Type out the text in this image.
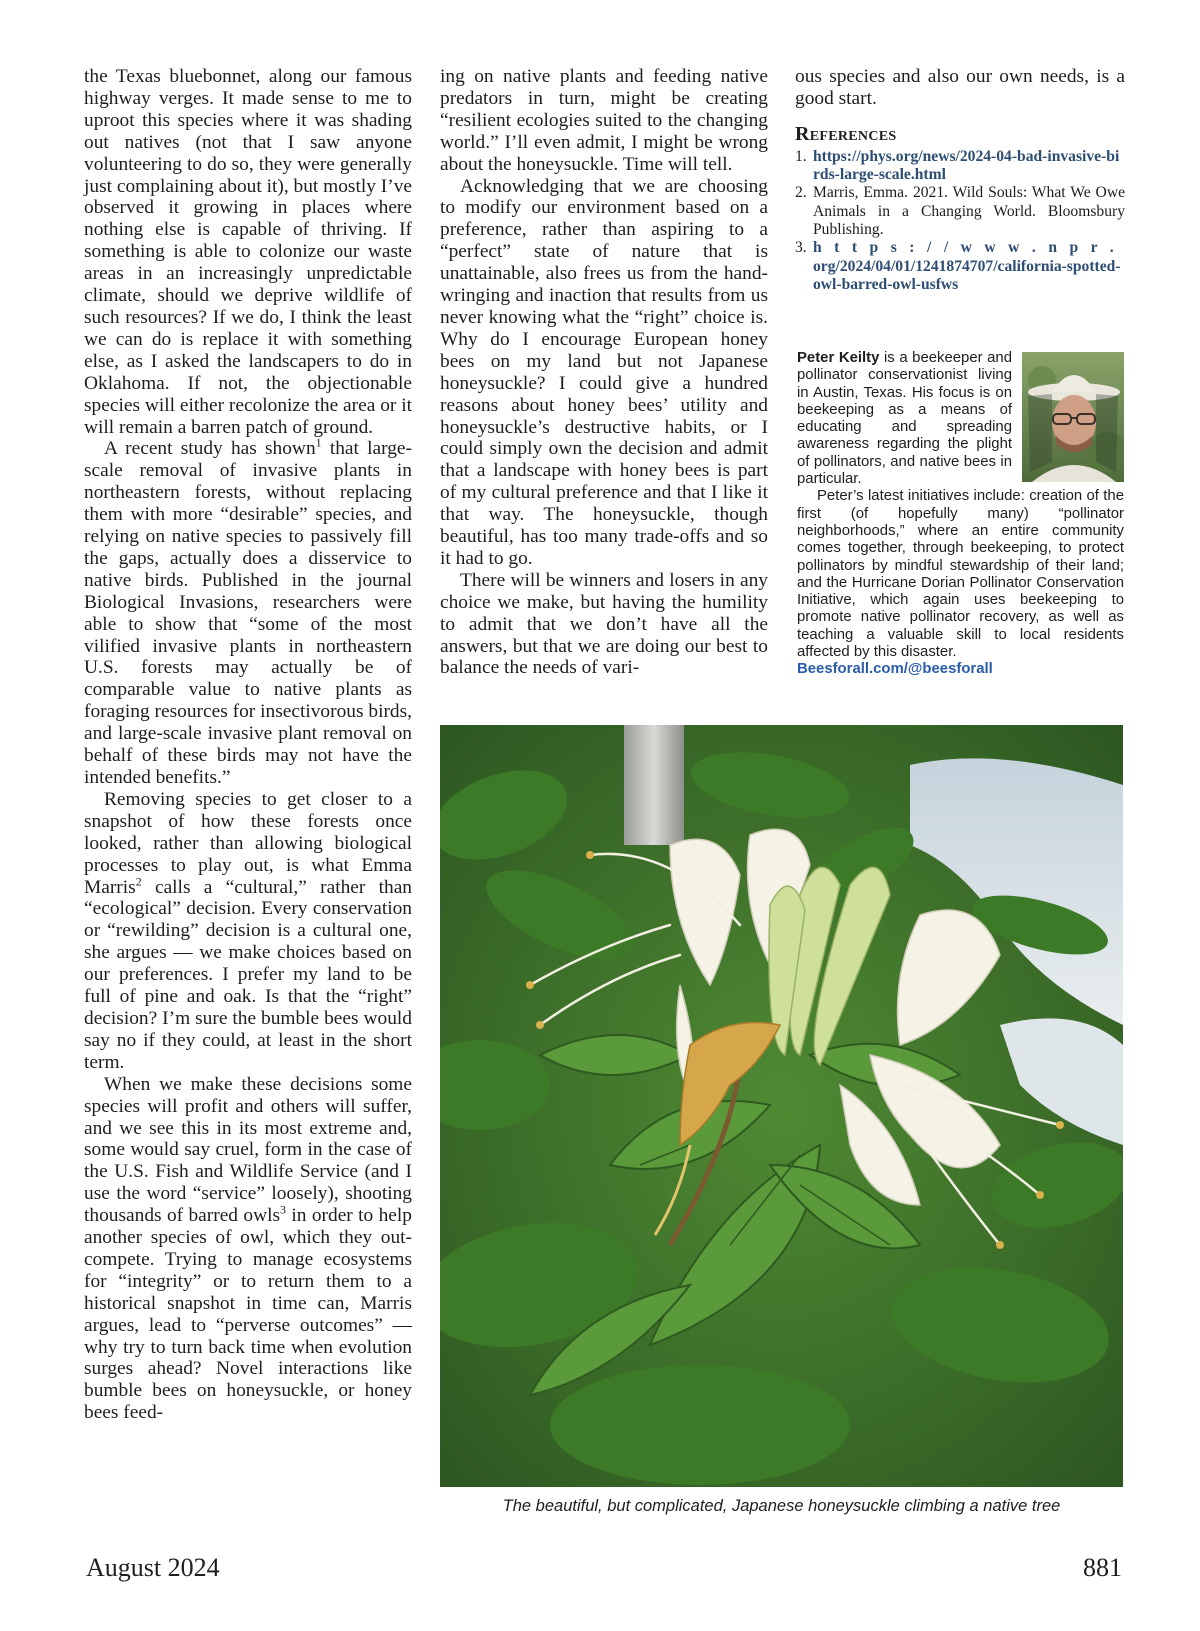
the Texas bluebonnet, along our famous highway verges. It made sense to me to uproot this species where it was shading out natives (not that I saw anyone volunteering to do so, they were generally just complaining about it), but mostly I’ve observed it growing in places where nothing else is capable of thriving. If something is able to colonize our waste areas in an increasingly unpredictable climate, should we deprive wildlife of such resources? If we do, I think the least we can do is replace it with something else, as I asked the landscapers to do in Oklahoma. If not, the objectionable species will either recolonize the area or it will remain a barren patch of ground.

A recent study has shown$^1$ that large-scale removal of invasive plants in northeastern forests, without replacing them with more “desirable” species, and relying on native species to passively fill the gaps, actually does a disservice to native birds. Published in the journal Biological Invasions, researchers were able to show that “some of the most vilified invasive plants in northeastern U.S. forests may actually be of comparable value to native plants as foraging resources for insectivorous birds, and large-scale invasive plant removal on behalf of these birds may not have the intended benefits.”

Removing species to get closer to a snapshot of how these forests once looked, rather than allowing biological processes to play out, is what Emma Marris$^2$ calls a “cultural,” rather than “ecological” decision. Every conservation or “rewilding” decision is a cultural one, she argues — we make choices based on our preferences. I prefer my land to be full of pine and oak. Is that the “right” decision? I’m sure the bumble bees would say no if they could, at least in the short term.

When we make these decisions some species will profit and others will suffer, and we see this in its most extreme and, some would say cruel, form in the case of the U.S. Fish and Wildlife Service (and I use the word “service” loosely), shooting thousands of barred owls$^3$ in order to help another species of owl, which they out-compete. Trying to manage ecosystems for “integrity” or to return them to a historical snapshot in time can, Marris argues, lead to “perverse outcomes” — why try to turn back time when evolution surges ahead? Novel interactions like bumble bees on honeysuckle, or honey bees feed-

ing on native plants and feeding native predators in turn, might be creating “resilient ecologies suited to the changing world.” I’ll even admit, I might be wrong about the honeysuckle. Time will tell.

Acknowledging that we are choosing to modify our environment based on a preference, rather than aspiring to a “perfect” state of nature that is unattainable, also frees us from the hand-wringing and inaction that results from us never knowing what the “right” choice is. Why do I encourage European honey bees on my land but not Japanese honeysuckle? I could give a hundred reasons about honey bees’ utility and honeysuckle’s destructive habits, or I could simply own the decision and admit that a landscape with honey bees is part of my cultural preference and that I like it that way. The honeysuckle, though beautiful, has too many trade-offs and so it had to go.

There will be winners and losers in any choice we make, but having the humility to admit that we don’t have all the answers, but that we are doing our best to balance the needs of vari-

ous species and also our own needs, is a good start.

References
1. https://phys.org/news/2024-04-bad-invasive-birds-large-scale.html
2. Marris, Emma. 2021. Wild Souls: What We Owe Animals in a Changing World. Bloomsbury Publishing.
3. h t t p s : / / w w w . n p r . org/2024/04/01/1241874707/california-spotted-owl-barred-owl-usfws

Peter Keilty is a beekeeper and pollinator conservationist living in Austin, Texas. His focus is on beekeeping as a means of educating and spreading awareness regarding the plight of pollinators, and native bees in particular.

Peter’s latest initiatives include: creation of the first (of hopefully many) “pollinator neighborhoods,” where an entire community comes together, through beekeeping, to protect pollinators by mindful stewardship of their land; and the Hurricane Dorian Pollinator Conservation Initiative, which again uses beekeeping to promote native pollinator recovery, as well as teaching a valuable skill to local residents affected by this disaster.
Beesforall.com/@beesforall

The beautiful, but complicated, Japanese honeysuckle climbing a native tree
August 2024	881
